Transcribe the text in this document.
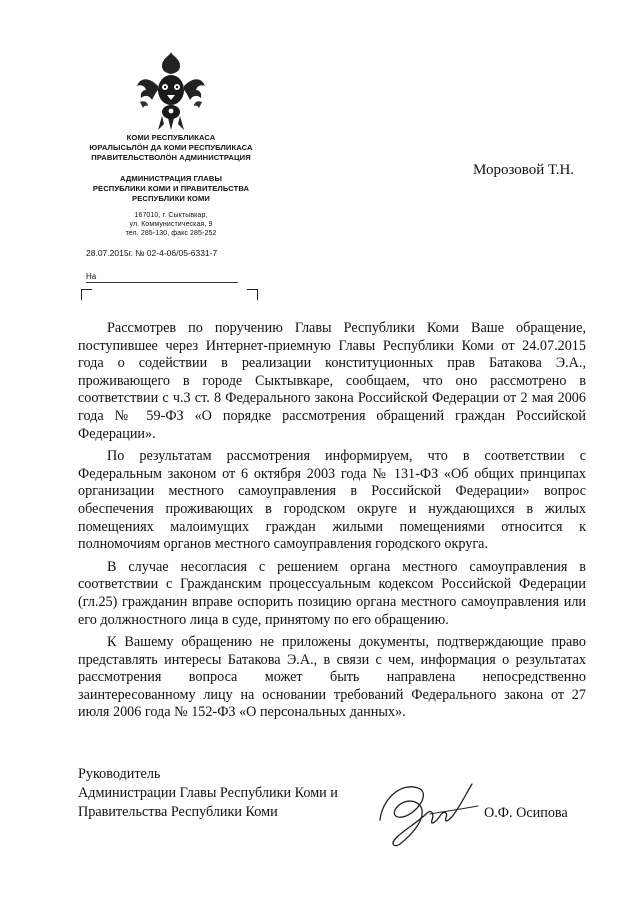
КОМИ РЕСПУБЛИКАСА
ЮРАЛЫСЬЛӦН ДА КОМИ РЕСПУБЛИКАСА
ПРАВИТЕЛЬСТВОЛӦН АДМИНИСТРАЦИЯ
АДМИНИСТРАЦИЯ ГЛАВЫ
РЕСПУБЛИКИ КОМИ И ПРАВИТЕЛЬСТВА
РЕСПУБЛИКИ КОМИ
167010, г. Сыктывкар,
ул. Коммунистическая, 9
тел. 285-130, факс 285-252
28.07.2015г. № 02-4-06/05-6331-7
На
Морозовой Т.Н.

Рассмотрев по поручению Главы Республики Коми Ваше обращение, поступившее через Интернет-приемную Главы Республики Коми от 24.07.2015 года о содействии в реализации конституционных прав Батакова Э.А., проживающего в городе Сыктывкаре, сообщаем, что оно рассмотрено в соответствии с ч.3 ст. 8 Федерального закона Российской Федерации от 2 мая 2006 года № 59-ФЗ «О порядке рассмотрения обращений граждан Российской Федерации».

По результатам рассмотрения информируем, что в соответствии с Федеральным законом от 6 октября 2003 года № 131-ФЗ «Об общих принципах организации местного самоуправления в Российской Федерации» вопрос обеспечения проживающих в городском округе и нуждающихся в жилых помещениях малоимущих граждан жилыми помещениями относится к полномочиям органов местного самоуправления городского округа.

В случае несогласия с решением органа местного самоуправления в соответствии с Гражданским процессуальным кодексом Российской Федерации (гл.25) гражданин вправе оспорить позицию органа местного самоуправления или его должностного лица в суде, принятому по его обращению.

К Вашему обращению не приложены документы, подтверждающие право представлять интересы Батакова Э.А., в связи с чем, информация о результатах рассмотрения вопроса может быть направлена непосредственно заинтересованному лицу на основании требований Федерального закона от 27 июля 2006 года № 152-ФЗ «О персональных данных».

Руководитель
Администрации Главы Республики Коми и
Правительства Республики Коми	О.Ф. Осипова
